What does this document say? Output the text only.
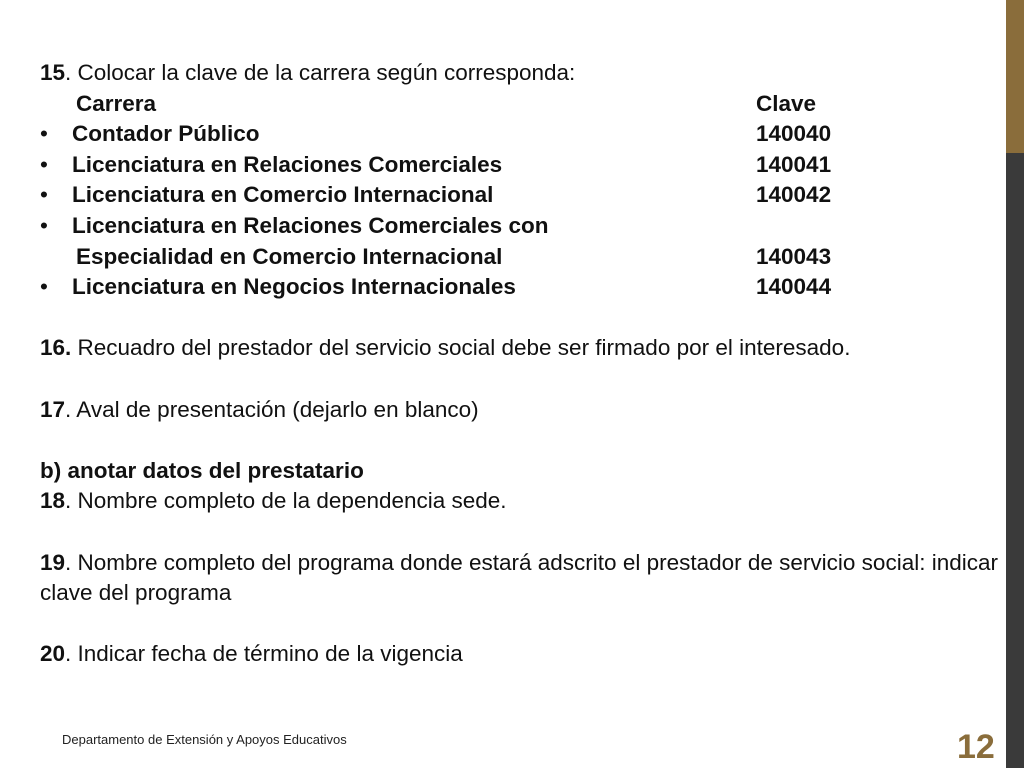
15. Colocar la clave de la carrera según corresponda:
Carrera	Clave
• Contador Público	140040
• Licenciatura en Relaciones Comerciales	140041
• Licenciatura en Comercio Internacional	140042
• Licenciatura en Relaciones Comerciales con
Especialidad en Comercio Internacional	140043
• Licenciatura en Negocios Internacionales	140044
16. Recuadro del prestador del servicio social debe ser firmado por el interesado.
17. Aval de presentación (dejarlo en blanco)
b) anotar datos del prestatario
18. Nombre completo de la dependencia sede.
19. Nombre completo del programa donde estará adscrito el prestador de servicio social: indicar clave del programa
20. Indicar fecha de término de la vigencia
Departamento de Extensión y Apoyos Educativos	12
